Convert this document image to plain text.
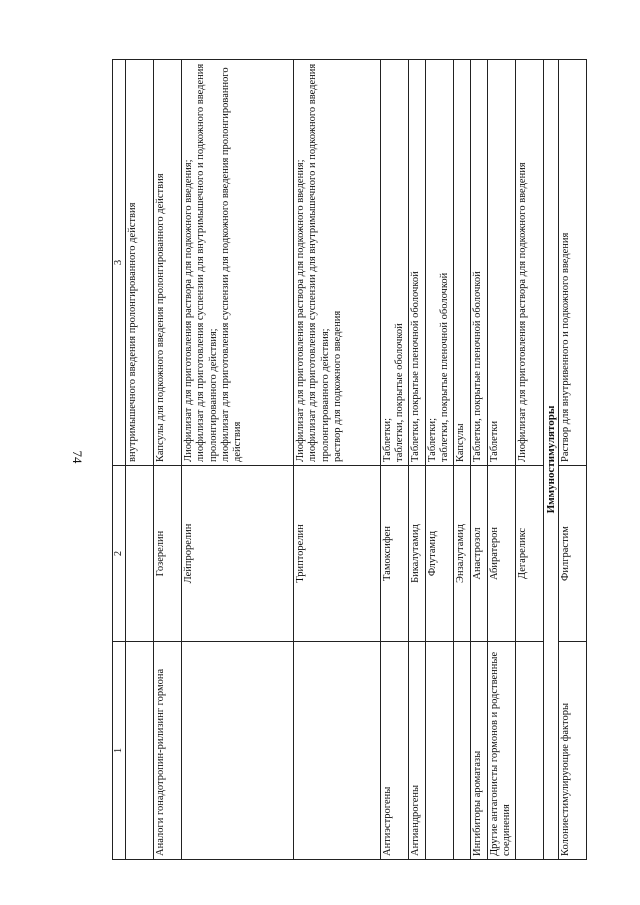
74
1	2	3

		внутримышечного введения пролонгированного действия

Аналоги гонадотропин-рилизинг гормона	Гозерелин	Капсулы для подкожного введения пролонгированного действия

	Лейпрорелин	Лиофилизат для приготовления раствора для подкожного введения; лиофилизат для приготовления суспензии для внутримышечного и подкожного введения пролонгированного действия; лиофилизат для приготовления суспензии для подкожного введения пролонгированного действия

	Трипторелин	Лиофилизат для приготовления раствора для подкожного введения; лиофилизат для приготовления суспензии для внутримышечного и подкожного введения пролонгированного действия; раствор для подкожного введения

Антиэстрогены	Тамоксифен	Таблетки; таблетки, покрытые оболочкой

Антиандрогены	Бикалутамид	Таблетки, покрытые пленочной оболочкой

	Флутамид	Таблетки; таблетки, покрытые пленочной оболочкой

	Энзалутамид	Капсулы

Ингибиторы ароматазы	Анастрозол	Таблетки, покрытые пленочной оболочкой

Другие антагонисты гормонов и родственные соединения	Абиратерон	Таблетки

	Дегареликс	Лиофилизат для приготовления раствора для подкожного введения

Иммуностимуляторы		
Колониестимулирующие факторы	Филграстим	Раствор для внутривенного и подкожного введения
